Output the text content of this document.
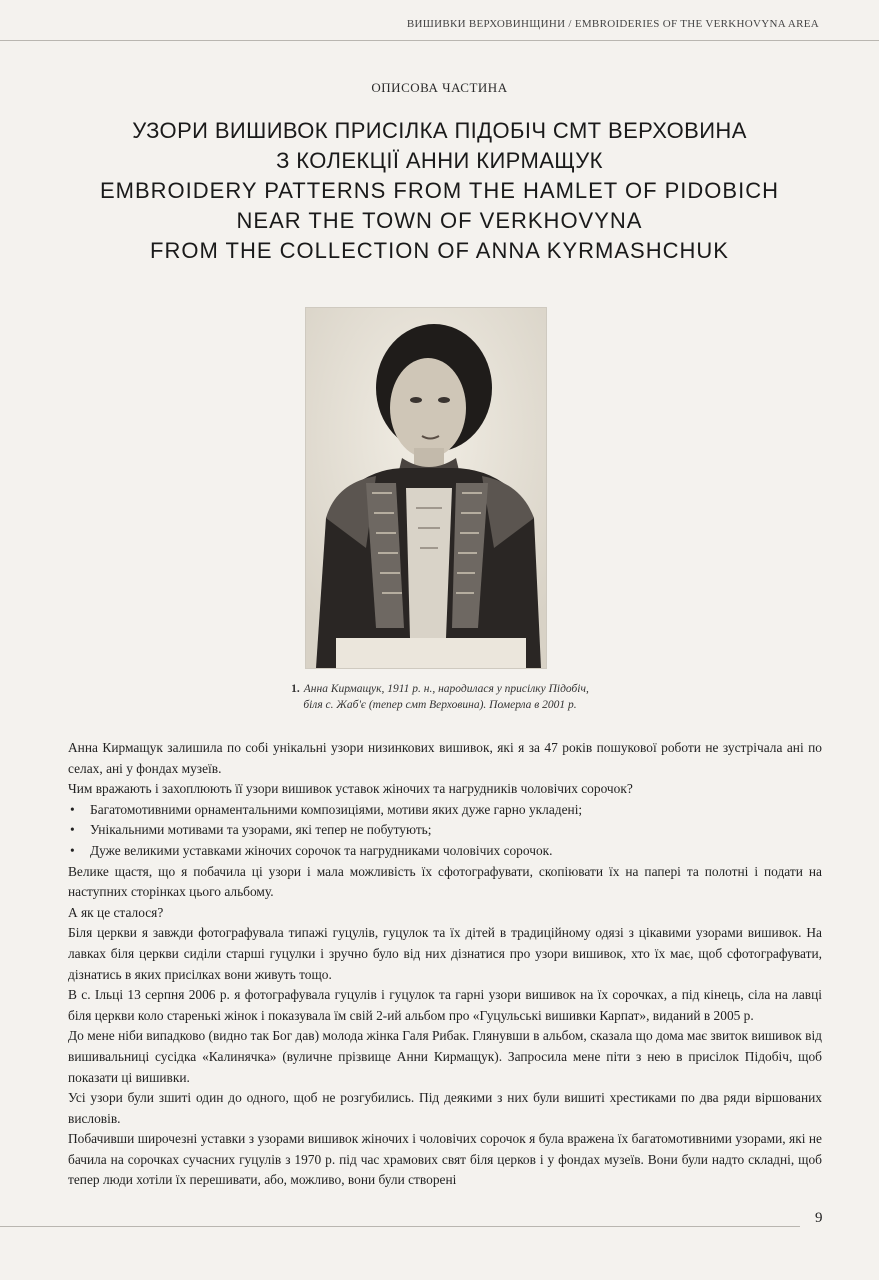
ВИШИВКИ ВЕРХОВИНЩИНИ / EMBROIDERIES OF THE VERKHOVYNA AREA
ОПИСОВА ЧАСТИНА
УЗОРИ ВИШИВОК ПРИСІЛКА ПІДОБІЧ СМТ ВЕРХОВИНА
З КОЛЕКЦІЇ АННИ КИРМАЩУК
EMBROIDERY PATTERNS FROM THE HAMLET OF PIDOBICH
NEAR THE TOWN OF VERKHOVYNA
FROM THE COLLECTION OF ANNA KYRMASHCHUK
1. Анна Кирмащук, 1911 р. н., народилася у присілку Підобіч,
біля с. Жаб'є (тепер смт Верховина). Померла в 2001 р.

Анна Кирмащук залишила по собі унікальні узори низинкових вишивок, які я за 47 років пошукової роботи не зустрічала ані по селах, ані у фондах музеїв.

Чим вражають і захоплюють її узори вишивок уставок жіночих та нагрудників чоловічих сорочок?

• Багатомотивними орнаментальними композиціями, мотиви яких дуже гарно укладені;
• Унікальними мотивами та узорами, які тепер не побутують;
• Дуже великими уставками жіночих сорочок та нагрудниками чоловічих сорочок.

Велике щастя, що я побачила ці узори і мала можливість їх сфотографувати, скопіювати їх на папері та полотні і подати на наступних сторінках цього альбому.

А як це сталося?

Біля церкви я завжди фотографувала типажі гуцулів, гуцулок та їх дітей в традиційному одязі з цікавими узорами вишивок. На лавках біля церкви сиділи старші гуцулки і зручно було від них дізнатися про узори вишивок, хто їх має, щоб сфотографувати, дізнатись в яких присілках вони живуть тощо.

В с. Ільці 13 серпня 2006 р. я фотографувала гуцулів і гуцулок та гарні узори вишивок на їх сорочках, а під кінець, сіла на лавці біля церкви коло старенькі жінок і показувала їм свій 2-ий альбом про «Гуцульські вишивки Карпат», виданий в 2005 р.

До мене ніби випадково (видно так Бог дав) молода жінка Галя Рибак. Глянувши в альбом, сказала що дома має звиток вишивок від вишивальниці сусідка «Калинячка» (вуличне прізвище Анни Кирмащук). Запросила мене піти з нею в присілок Підобіч, щоб показати ці вишивки.

Усі узори були зшиті один до одного, щоб не розгубились. Під деякими з них були вишиті хрестиками по два ряди віршованих висловів.

Побачивши широчезні уставки з узорами вишивок жіночих і чоловічих сорочок я була вражена їх багатомотивними узорами, які не бачила на сорочках сучасних гуцулів з 1970 р. під час храмових свят біля церков і у фондах музеїв. Вони були надто складні, щоб тепер люди хотіли їх перешивати, або, можливо, вони були створені

9
